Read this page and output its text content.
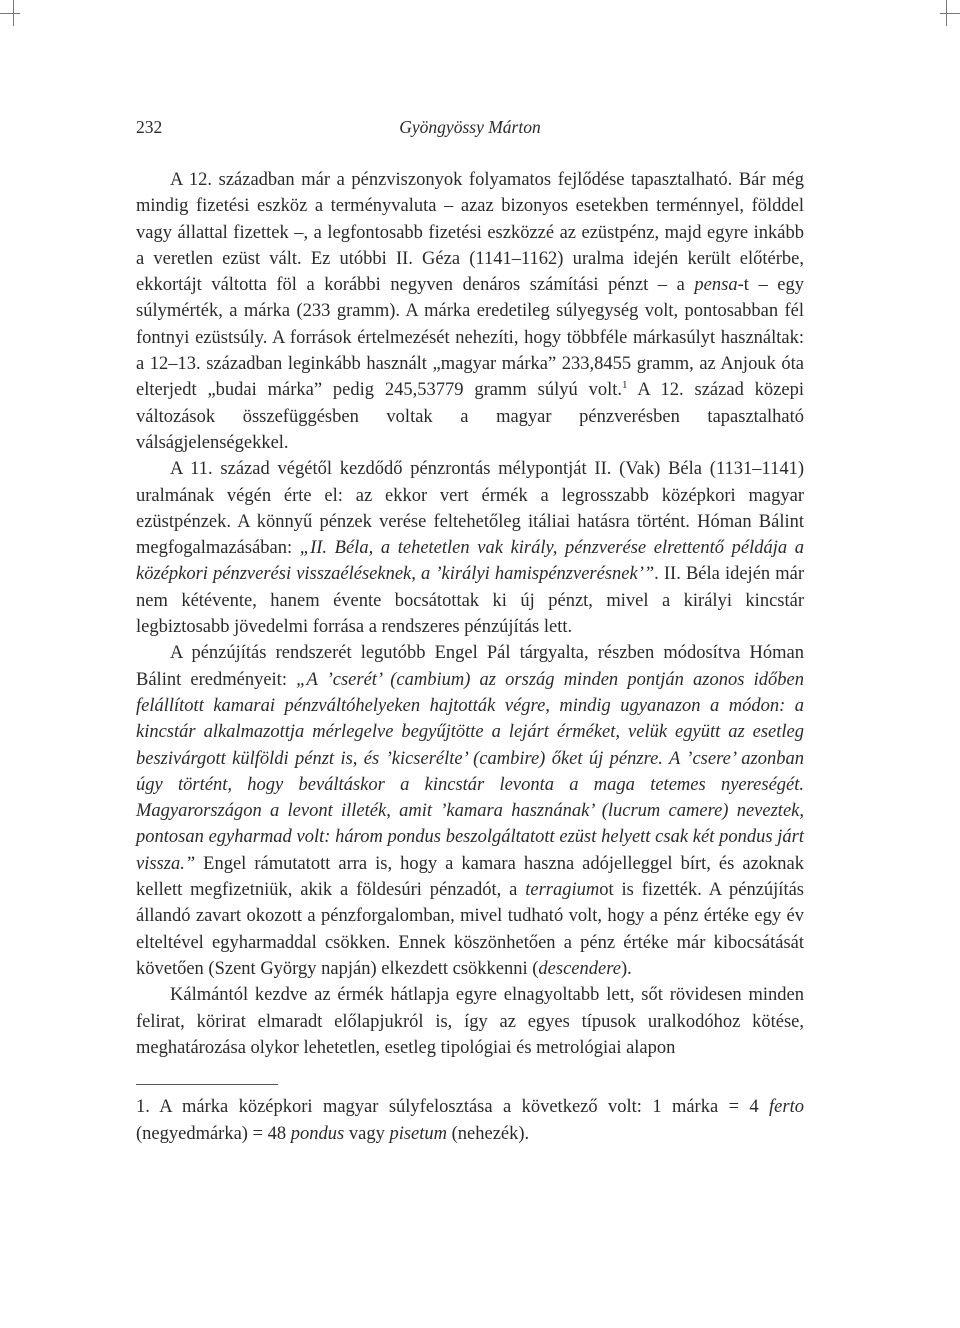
232	Gyöngyössy Márton

A 12. században már a pénzviszonyok folyamatos fejlődése tapasztalható. Bár még mindig fizetési eszköz a terményvaluta – azaz bizonyos esetekben terménnyel, földdel vagy állattal fizettek –, a legfontosabb fizetési eszközzé az ezüstpénz, majd egyre inkább a veretlen ezüst vált. Ez utóbbi II. Géza (1141–1162) uralma idején került előtérbe, ekkortájt váltotta föl a korábbi negyven denáros számítási pénzt – a pensa-t – egy súlymérték, a márka (233 gramm). A márka eredetileg súlyegység volt, pontosabban fél fontnyi ezüstsúly. A források értelmezését nehezíti, hogy többféle márkasúlyt használtak: a 12–13. században leginkább használt „magyar márka” 233,8455 gramm, az Anjouk óta elterjedt „budai márka” pedig 245,53779 gramm súlyú volt.$^1$ A 12. század közepi változások összefüggésben voltak a magyar pénzverésben tapasztalható válságjelenségekkel.

A 11. század végétől kezdődő pénzrontás mélypontját II. (Vak) Béla (1131–1141) uralmának végén érte el: az ekkor vert érmék a legrosszabb középkori magyar ezüstpénzek. A könnyű pénzek verése feltehetőleg itáliai hatásra történt. Hóman Bálint megfogalmazásában: „II. Béla, a tehetetlen vak király, pénzverése elrettentő példája a középkori pénzverési visszaéléseknek, a ’királyi hamispénzverésnek’”. II. Béla idején már nem kétévente, hanem évente bocsátottak ki új pénzt, mivel a királyi kincstár legbiztosabb jövedelmi forrása a rendszeres pénzújítás lett.

A pénzújítás rendszerét legutóbb Engel Pál tárgyalta, részben módosítva Hóman Bálint eredményeit: „A ’cserét’ (cambium) az ország minden pontján azonos időben felállított kamarai pénzváltóhelyeken hajtották végre, mindig ugyanazon a módon: a kincstár alkalmazottja mérlegelve begyűjtötte a lejárt érméket, velük együtt az esetleg beszivárgott külföldi pénzt is, és ’kicserélte’ (cambire) őket új pénzre. A ’csere’ azonban úgy történt, hogy beváltáskor a kincstár levonta a maga tetemes nyereségét. Magyarországon a levont illeték, amit ’kamara hasznának’ (lucrum camere) neveztek, pontosan egyharmad volt: három pondus beszolgáltatott ezüst helyett csak két pondus járt vissza.” Engel rámutatott arra is, hogy a kamara haszna adójelleggel bírt, és azoknak kellett megfizetniük, akik a földesúri pénzadót, a terragiumot is fizették. A pénzújítás állandó zavart okozott a pénzforgalomban, mivel tudható volt, hogy a pénz értéke egy év elteltével egyharmaddal csökken. Ennek köszönhetően a pénz értéke már kibocsátását követően (Szent György napján) elkezdett csökkenni (descendere).

Kálmántól kezdve az érmék hátlapja egyre elnagyoltabb lett, sőt rövidesen minden felirat, körirat elmaradt előlapjukról is, így az egyes típusok uralkodóhoz kötése, meghatározása olykor lehetetlen, esetleg tipológiai és metrológiai alapon

1. A márka középkori magyar súlyfelosztása a következő volt: 1 márka = 4 ferto (negyedmárka) = 48 pondus vagy pisetum (nehezék).
